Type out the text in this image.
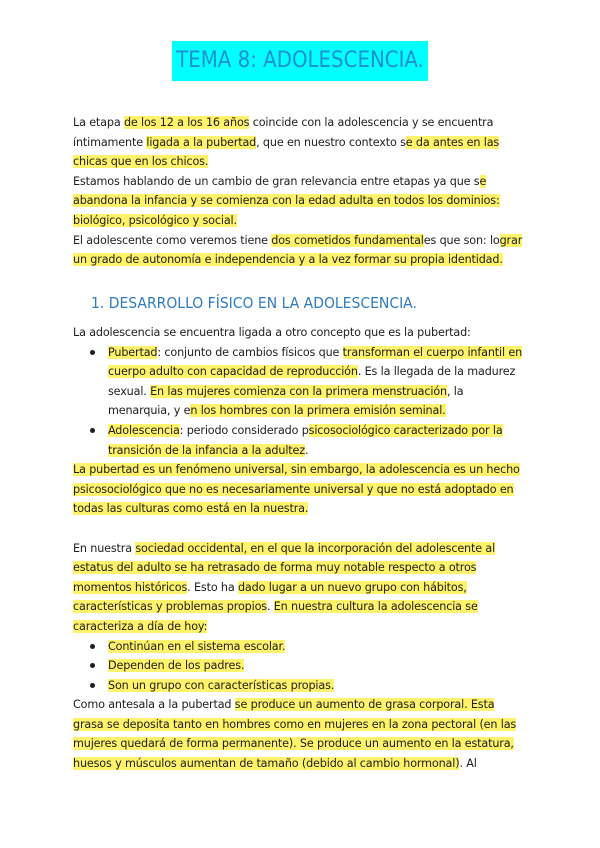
TEMA 8: ADOLESCENCIA.

La etapa de los 12 a los 16 años coincide con la adolescencia y se encuentra íntimamente ligada a la pubertad, que en nuestro contexto se da antes en las chicas que en los chicos.

Estamos hablando de un cambio de gran relevancia entre etapas ya que se abandona la infancia y se comienza con la edad adulta en todos los dominios: biológico, psicológico y social.

El adolescente como veremos tiene dos cometidos fundamentales que son: lograr un grado de autonomía e independencia y a la vez formar su propia identidad.

1. DESARROLLO FÍSICO EN LA ADOLESCENCIA.

La adolescencia se encuentra ligada a otro concepto que es la pubertad:

Pubertad: conjunto de cambios físicos que transforman el cuerpo infantil en cuerpo adulto con capacidad de reproducción. Es la llegada de la madurez sexual. En las mujeres comienza con la primera menstruación, la menarquia, y en los hombres con la primera emisión seminal.
Adolescencia: periodo considerado psicosociológico caracterizado por la transición de la infancia a la adultez.

La pubertad es un fenómeno universal, sin embargo, la adolescencia es un hecho psicosociológico que no es necesariamente universal y que no está adoptado en todas las culturas como está en la nuestra.

En nuestra sociedad occidental, en el que la incorporación del adolescente al estatus del adulto se ha retrasado de forma muy notable respecto a otros momentos históricos. Esto ha dado lugar a un nuevo grupo con hábitos, características y problemas propios. En nuestra cultura la adolescencia se caracteriza a día de hoy:

Continúan en el sistema escolar.
Dependen de los padres.
Son un grupo con características propias.

Como antesala a la pubertad se produce un aumento de grasa corporal. Esta grasa se deposita tanto en hombres como en mujeres en la zona pectoral (en las mujeres quedará de forma permanente). Se produce un aumento en la estatura, huesos y músculos aumentan de tamaño (debido al cambio hormonal). Al
